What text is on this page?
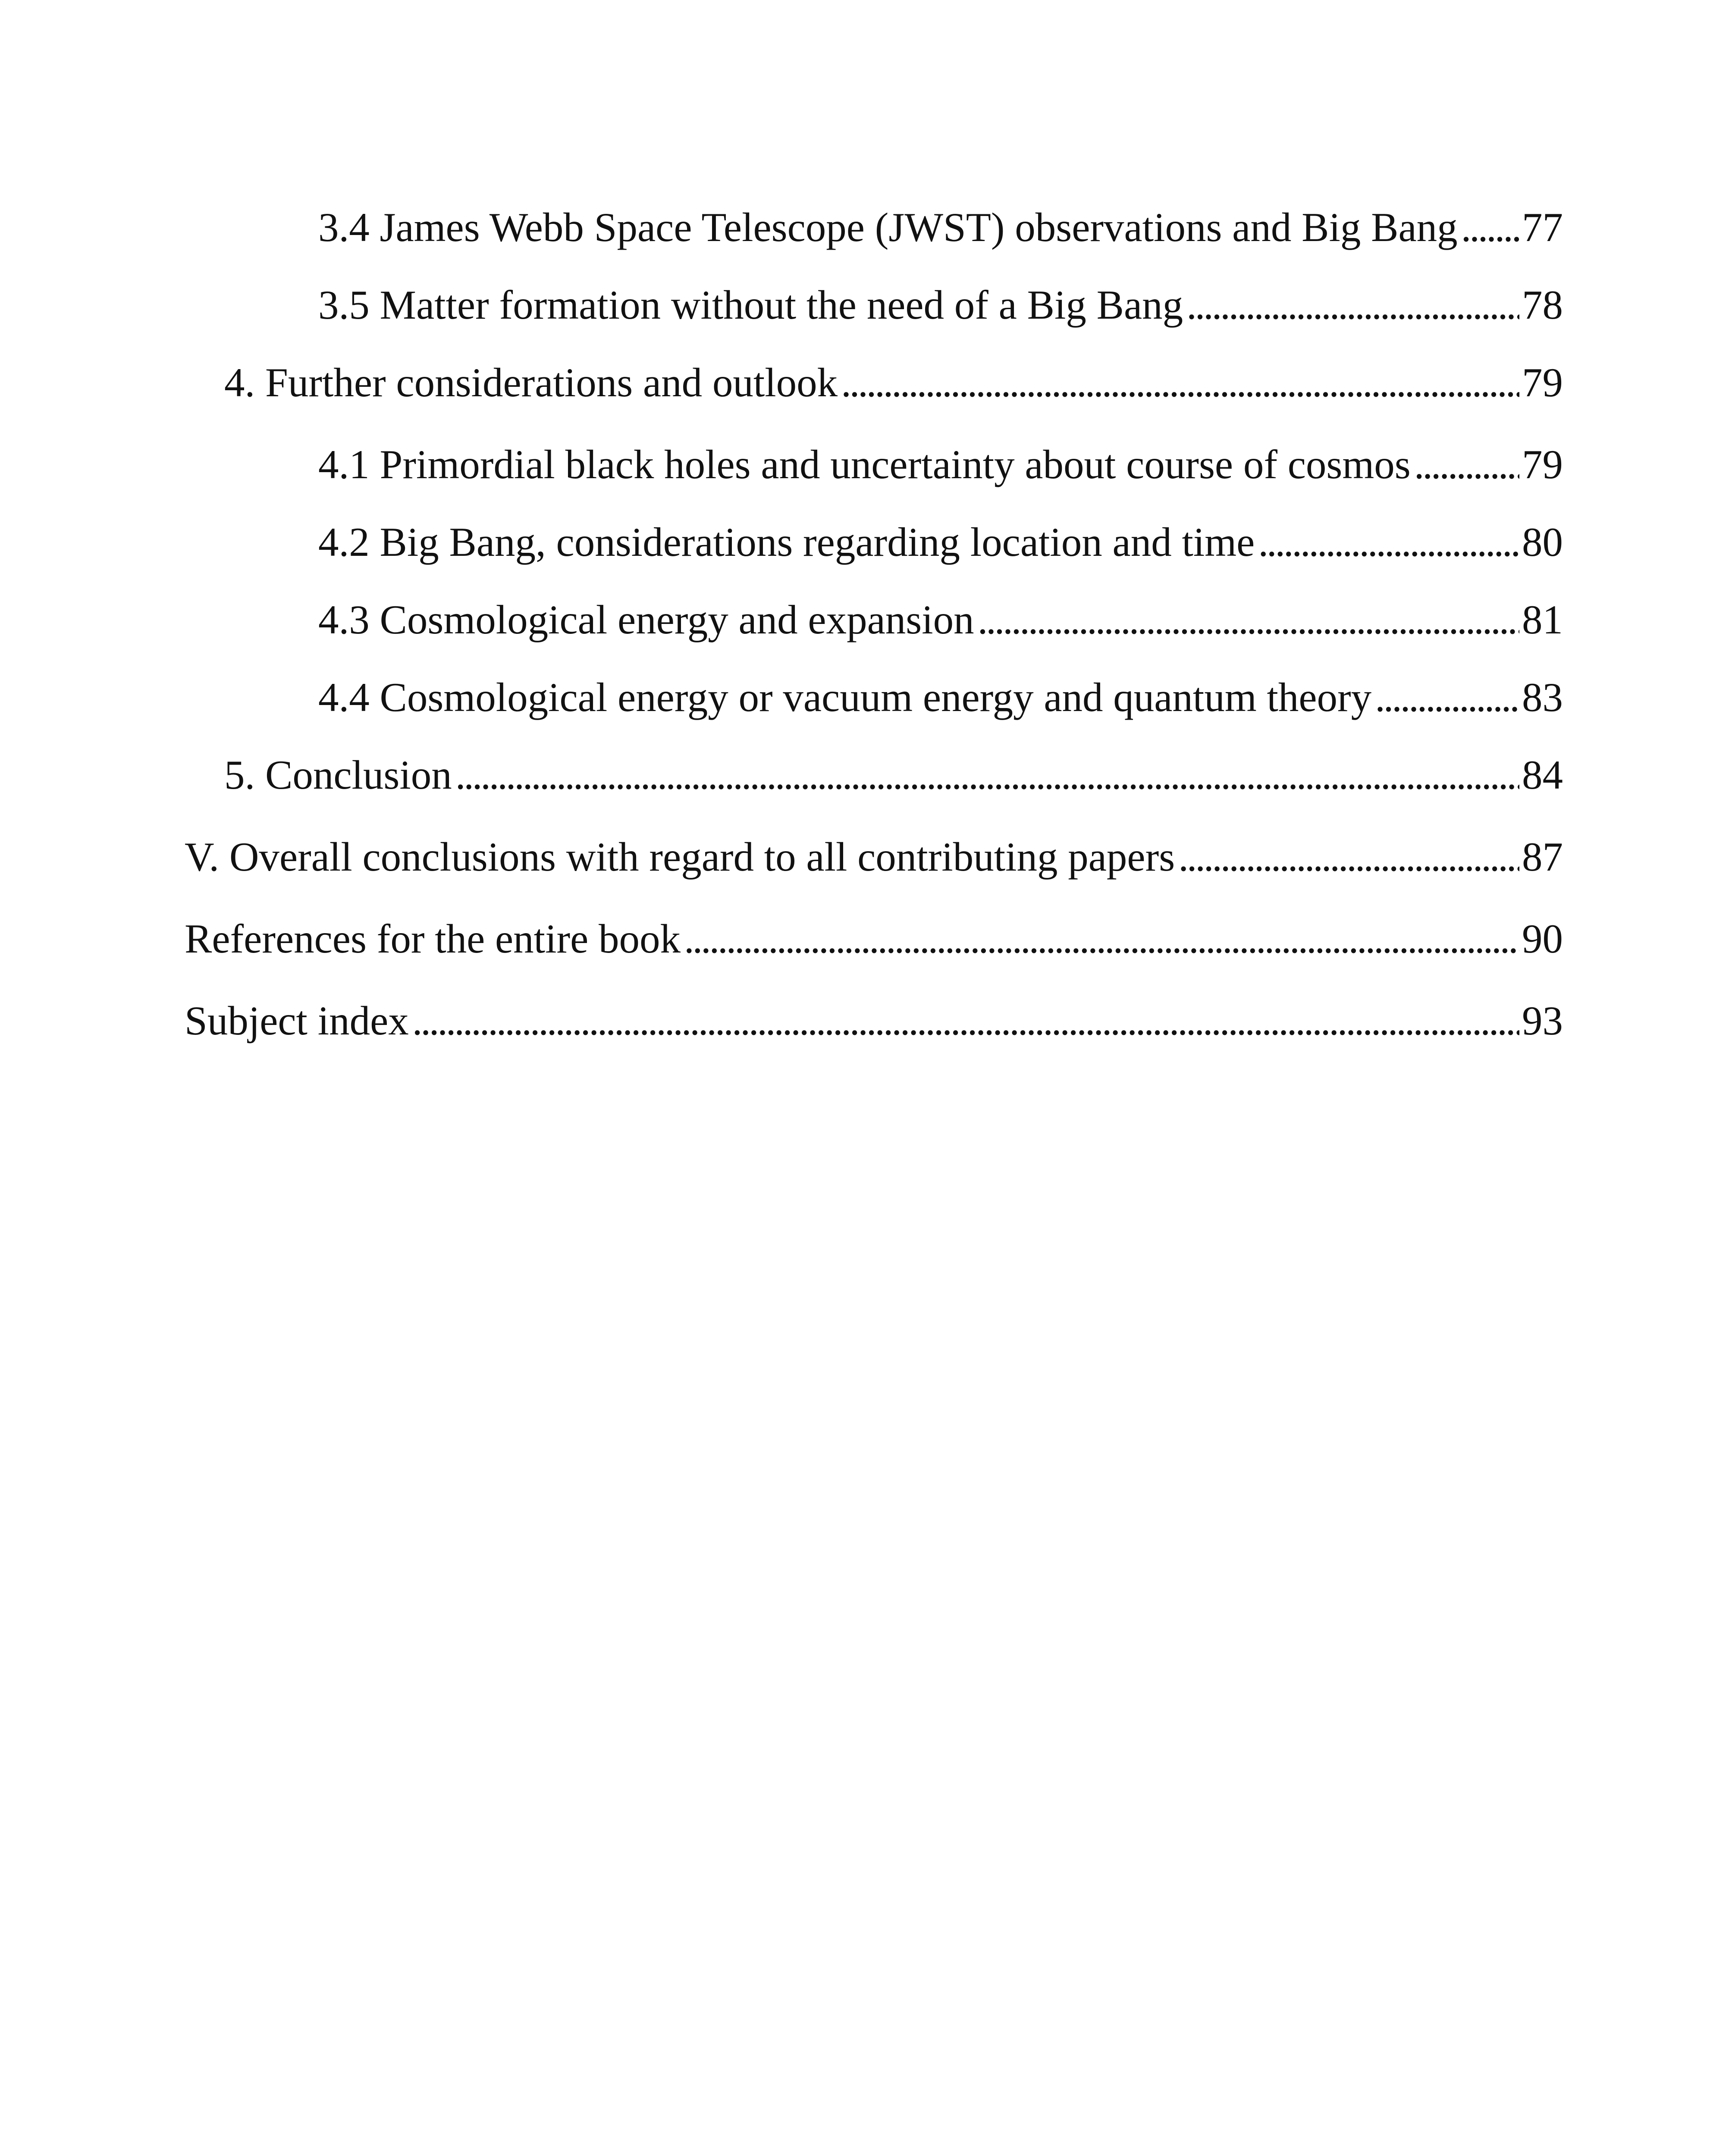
3.4 James Webb Space Telescope (JWST) observations and Big Bang . . . 77
3.5 Matter formation without the need of a Big Bang . . .	78
4. Further considerations and outlook . . .	79
4.1 Primordial black holes and uncertainty about course of cosmos . . .	79
4.2 Big Bang, considerations regarding location and time . . .	80
4.3 Cosmological energy and expansion . . .	81
4.4 Cosmological energy or vacuum energy and quantum theory . . .	83
5. Conclusion . . .	84
V. Overall conclusions with regard to all contributing papers . . .	87
References for the entire book . . .	90
Subject index . . .	93
